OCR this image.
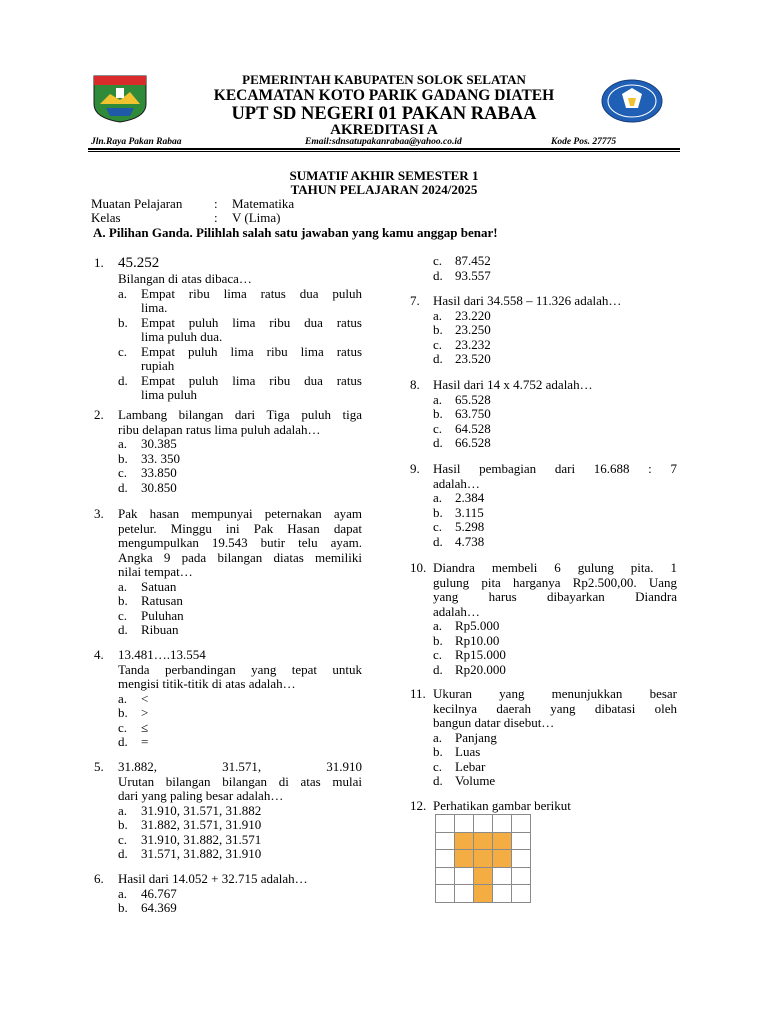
PEMERINTAH KABUPATEN SOLOK SELATAN
KECAMATAN KOTO PARIK GADANG DIATEH
UPT SD NEGERI 01 PAKAN RABAA
AKREDITASI A
Jln.Raya Pakan Rabaa	Email:sdnsatupakanrabaa@yahoo.co.id	Kode Pos. 27775
SUMATIF AKHIR SEMESTER 1
TAHUN PELAJARAN 2024/2025
Muatan Pelajaran : Matematika
Kelas	: V (Lima)
A. Pilihan Ganda. Pilihlah salah satu jawaban yang kamu anggap benar!
1. 45.252
Bilangan di atas dibaca…
a. Empat ribu lima ratus dua puluh
lima.
b. Empat puluh lima ribu dua ratus
lima puluh dua.
c. Empat puluh lima ribu lima ratus
rupiah
d. Empat puluh lima ribu dua ratus
lima puluh
2. Lambang bilangan dari Tiga puluh tiga
ribu delapan ratus lima puluh adalah…
a. 30.385
b. 33. 350
c. 33.850
d. 30.850
3. Pak hasan mempunyai peternakan ayam
petelur. Minggu ini Pak Hasan dapat
mengumpulkan 19.543 butir telu ayam.
Angka 9 pada bilangan diatas memiliki
nilai tempat…
a. Satuan
b. Ratusan
c. Puluhan
d. Ribuan
4. 13.481….13.554
Tanda perbandingan yang tepat untuk
mengisi titik-titik di atas adalah…
a. <
b. >
c. ≤
d. =
5. 31.882, 31.571, 31.910
Urutan bilangan bilangan di atas mulai
dari yang paling besar adalah…
a. 31.910, 31.571, 31.882
b. 31.882, 31.571, 31.910
c. 31.910, 31.882, 31.571
d. 31.571, 31.882, 31.910
6. Hasil dari 14.052 + 32.715 adalah…
a. 46.767
b. 64.369
c. 87.452
d. 93.557
7. Hasil dari 34.558 – 11.326 adalah…
a. 23.220
b. 23.250
c. 23.232
d. 23.520
8. Hasil dari 14 x 4.752 adalah…
a. 65.528
b. 63.750
c. 64.528
d. 66.528
9. Hasil pembagian dari 16.688 : 7
adalah…
a. 2.384
b. 3.115
c. 5.298
d. 4.738
10. Diandra membeli 6 gulung pita. 1
gulung pita harganya Rp2.500,00. Uang
yang harus dibayarkan Diandra
adalah…
a. Rp5.000
b. Rp10.00
c. Rp15.000
d. Rp20.000
11. Ukuran yang menunjukkan besar
kecilnya daerah yang dibatasi oleh
bangun datar disebut…
a. Panjang
b. Luas
c. Lebar
d. Volume
12. Perhatikan gambar berikut
